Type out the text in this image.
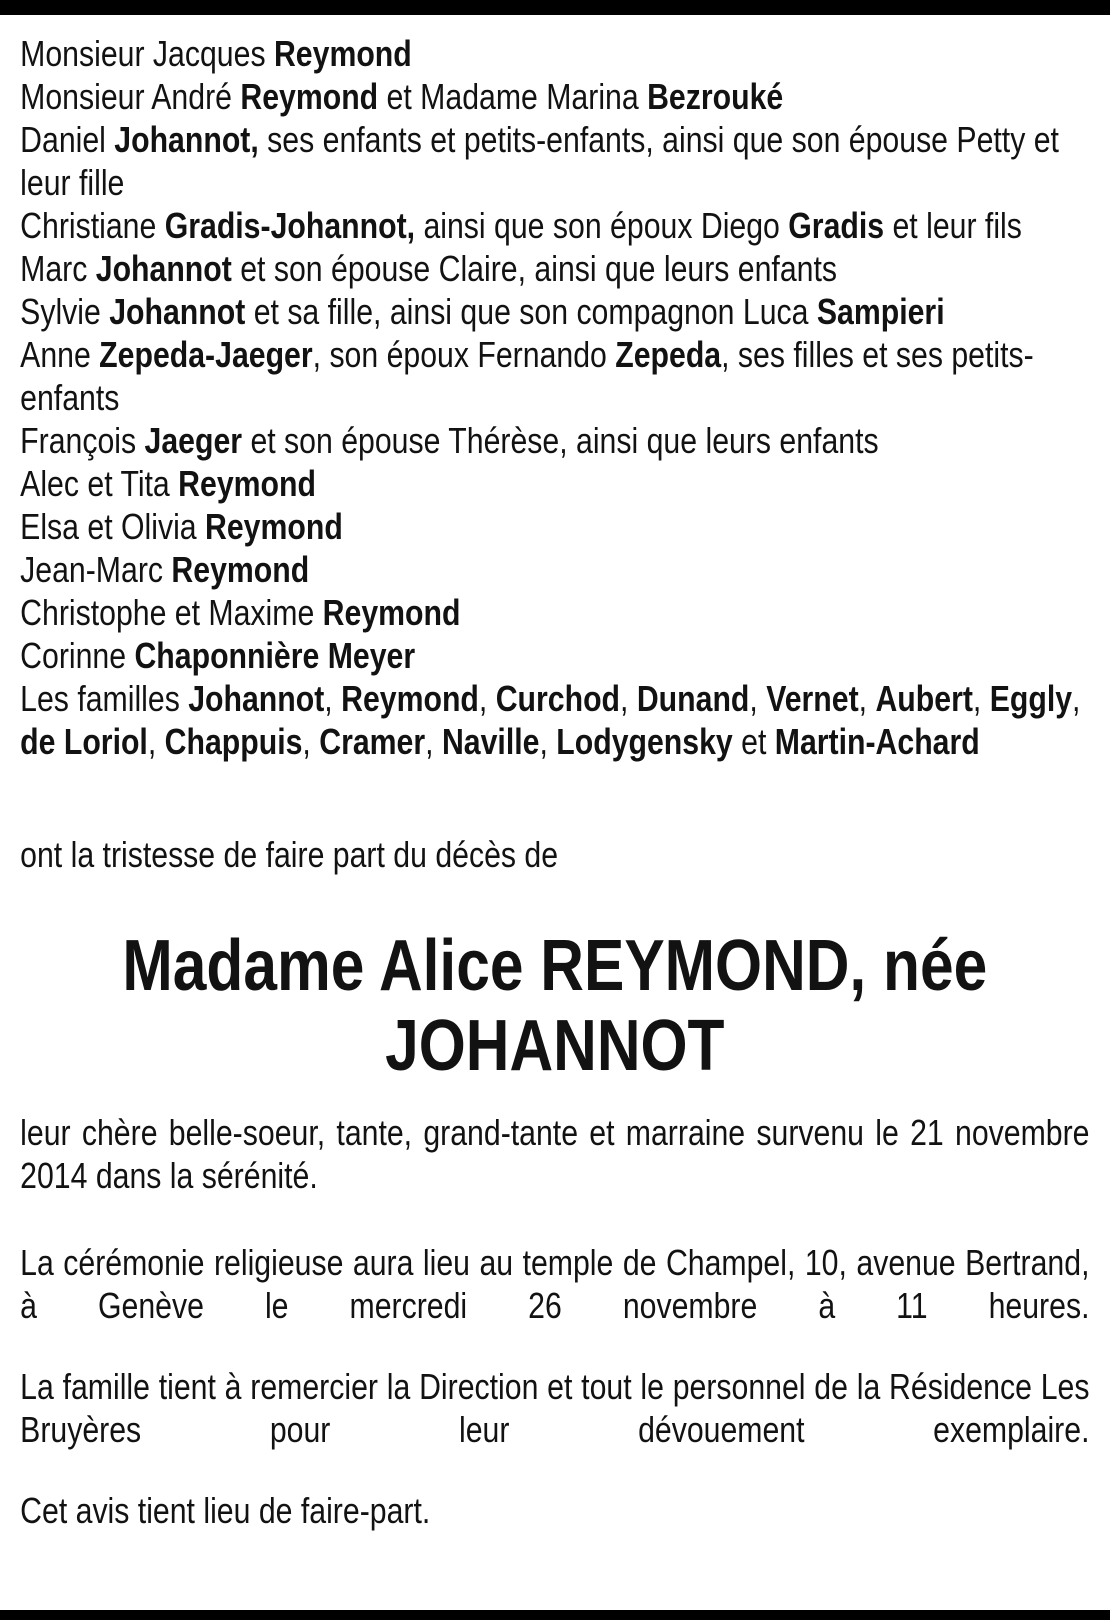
Monsieur Jacques Reymond
Monsieur André Reymond et Madame Marina Bezrouké
Daniel Johannot, ses enfants et petits-enfants, ainsi que son épouse Petty et leur fille
Christiane Gradis-Johannot, ainsi que son époux Diego Gradis et leur fils
Marc Johannot et son épouse Claire, ainsi que leurs enfants
Sylvie Johannot et sa fille, ainsi que son compagnon Luca Sampieri
Anne Zepeda-Jaeger, son époux Fernando Zepeda, ses filles et ses petits-enfants
François Jaeger et son épouse Thérèse, ainsi que leurs enfants
Alec et Tita Reymond
Elsa et Olivia Reymond
Jean-Marc Reymond
Christophe et Maxime Reymond
Corinne Chaponnière Meyer
Les familles Johannot, Reymond, Curchod, Dunand, Vernet, Aubert, Eggly, de Loriol, Chappuis, Cramer, Naville, Lodygensky et Martin-Achard
ont la tristesse de faire part du décès de
Madame Alice REYMOND, née
JOHANNOT

leur chère belle-soeur, tante, grand-tante et marraine survenu le 21 novembre 2014 dans la sérénité.

La cérémonie religieuse aura lieu au temple de Champel, 10, avenue Bertrand, à Genève le mercredi 26 novembre à 11 heures.

La famille tient à remercier la Direction et tout le personnel de la Résidence Les Bruyères pour leur dévouement exemplaire.

Cet avis tient lieu de faire-part.
